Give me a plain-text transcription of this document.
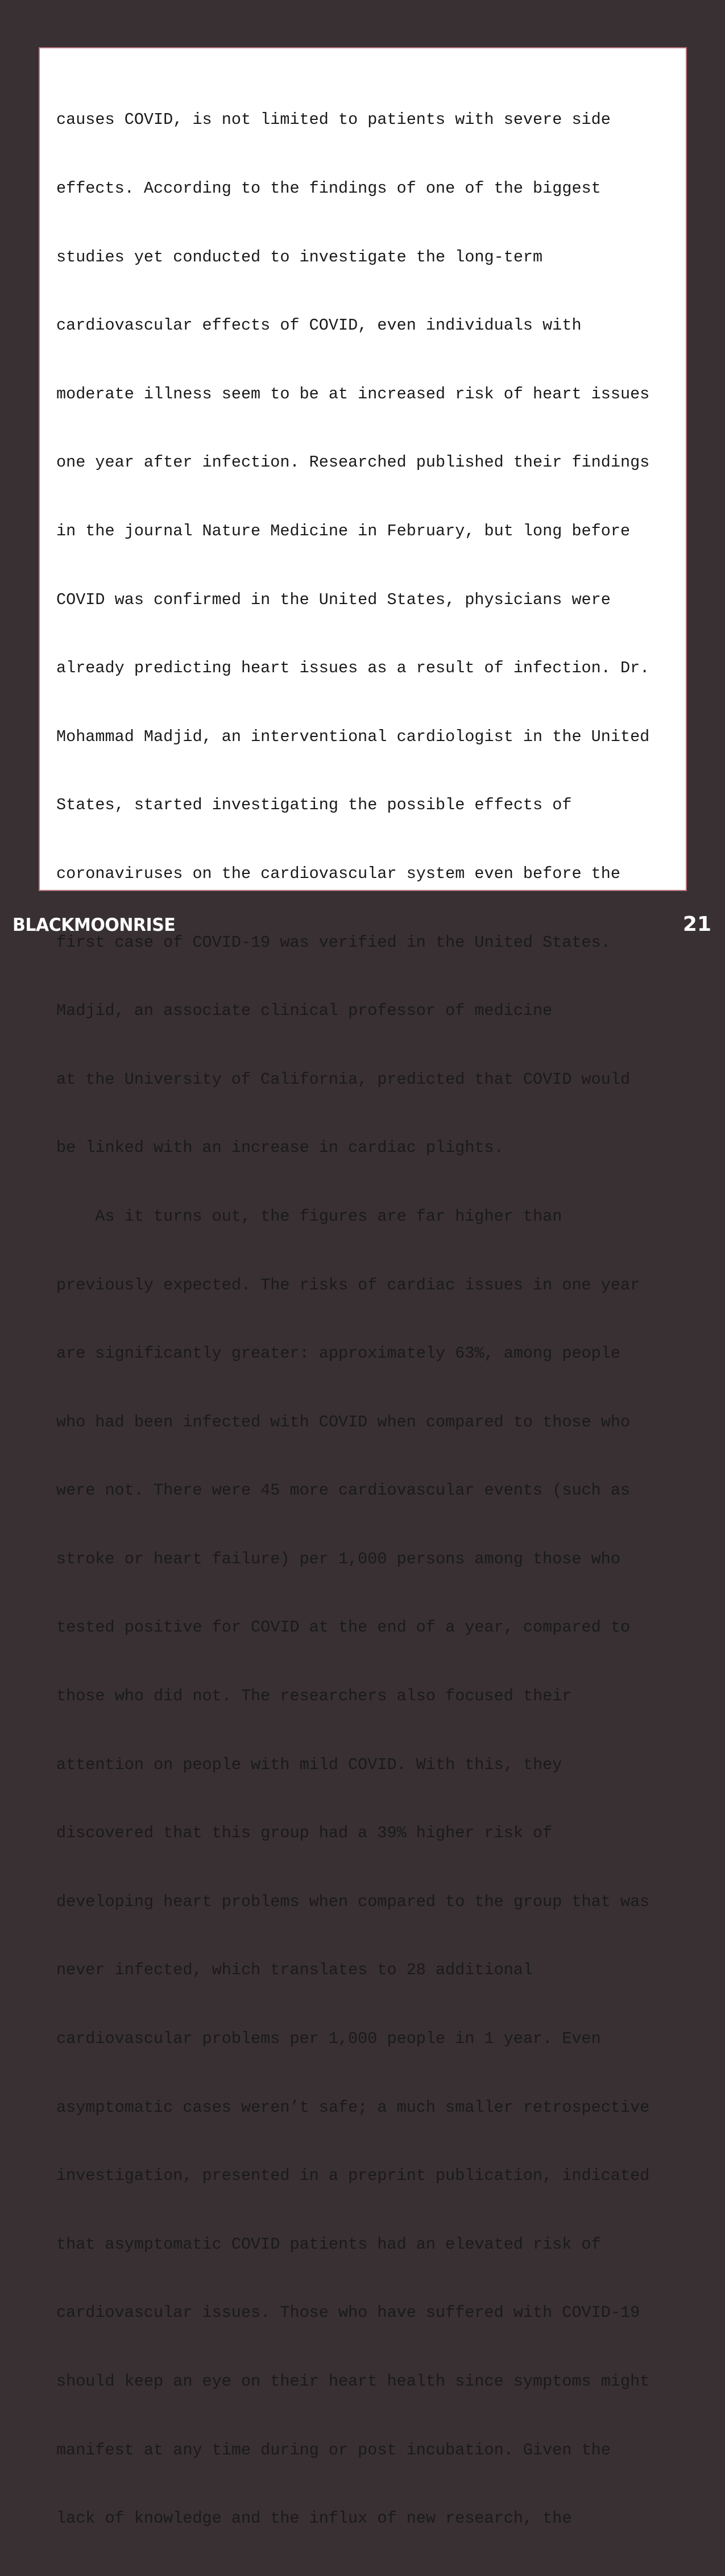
causes COVID, is not limited to patients with severe side

effects. According to the findings of one of the biggest

studies yet conducted to investigate the long-term

cardiovascular effects of COVID, even individuals with

moderate illness seem to be at increased risk of heart issues

one year after infection. Researched published their findings

in the journal Nature Medicine in February, but long before

COVID was confirmed in the United States, physicians were

already predicting heart issues as a result of infection. Dr.

Mohammad Madjid, an interventional cardiologist in the United

States, started investigating the possible effects of

coronaviruses on the cardiovascular system even before the

first case of COVID-19 was verified in the United States.

Madjid, an associate clinical professor of medicine

at the University of California, predicted that COVID would

be linked with an increase in cardiac plights.

As it turns out, the figures are far higher than

previously expected. The risks of cardiac issues in one year

are significantly greater: approximately 63%, among people

who had been infected with COVID when compared to those who

were not. There were 45 more cardiovascular events (such as

stroke or heart failure) per 1,000 persons among those who

tested positive for COVID at the end of a year, compared to

those who did not. The researchers also focused their

attention on people with mild COVID. With this, they

discovered that this group had a 39% higher risk of

developing heart problems when compared to the group that was

never infected, which translates to 28 additional

cardiovascular problems per 1,000 people in 1 year. Even

asymptomatic cases weren’t safe; a much smaller retrospective

investigation, presented in a preprint publication, indicated

that asymptomatic COVID patients had an elevated risk of

cardiovascular issues. Those who have suffered with COVID-19

should keep an eye on their heart health since symptoms might

manifest at any time during or post incubation. Given the

lack of knowledge and the influx of new research, the

BLACKMOONRISE	21
